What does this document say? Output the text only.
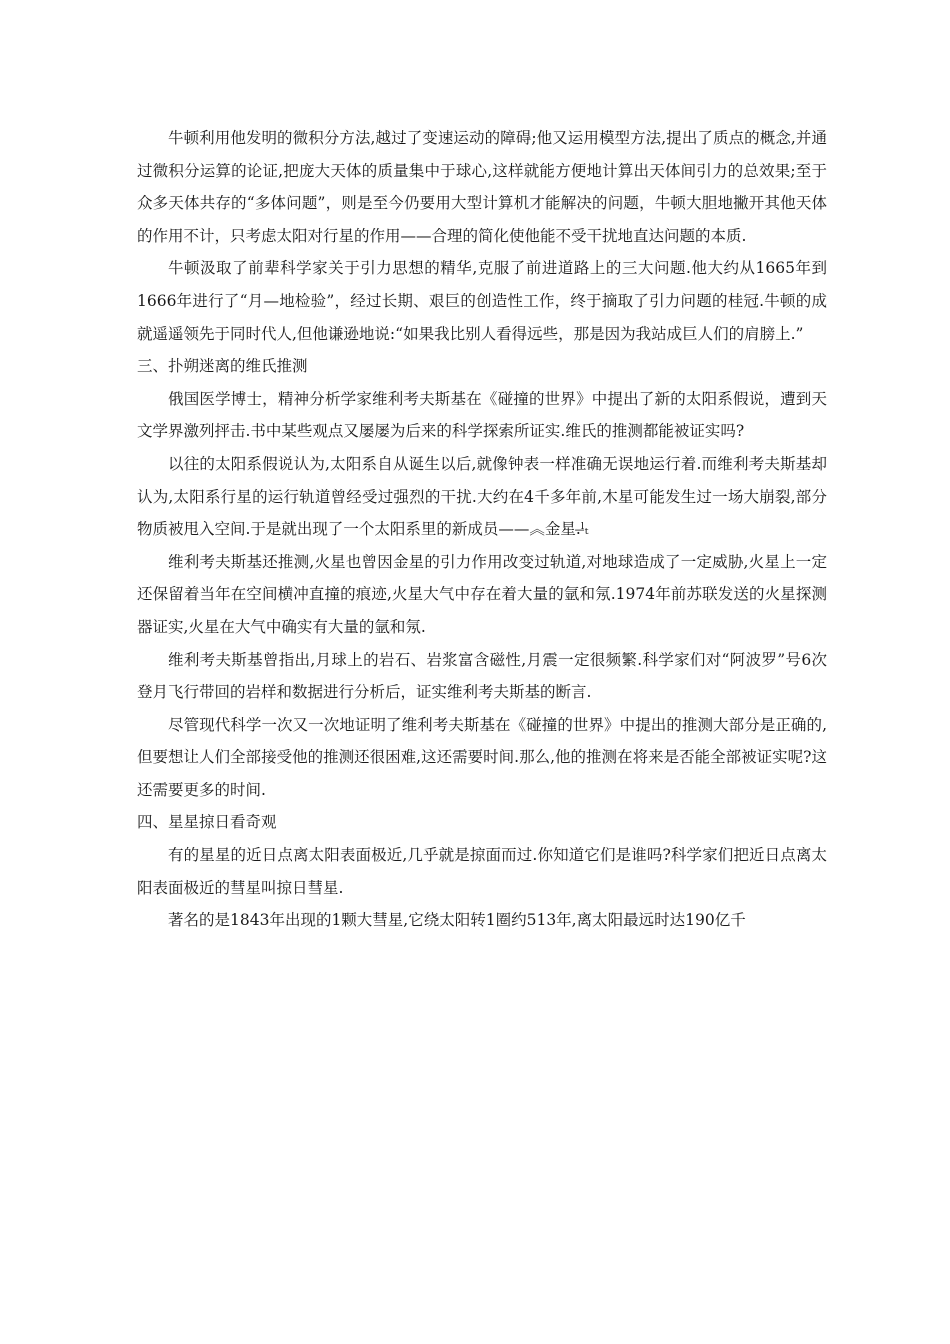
牛顿利用他发明的微积分方法,越过了变速运动的障碍;他又运用模型方法,提出了质点的概念,并通过微积分运算的论证,把庞大天体的质量集中于球心,这样就能方便地计算出天体间引力的总效果;至于众多天体共存的“多体问题”，则是至今仍要用大型计算机才能解决的问题，牛顿大胆地撇开其他天体的作用不计，只考虑太阳对行星的作用——合理的简化使他能不受干扰地直达问题的本质.

牛顿汲取了前辈科学家关于引力思想的精华,克服了前进道路上的三大问题.他大约从1665年到1666年进行了“月—地检验”，经过长期、艰巨的创造性工作，终于摘取了引力问题的桂冠.牛顿的成就遥遥领先于同时代人,但他谦逊地说:“如果我比别人看得远些，那是因为我站成巨人们的肩膀上.”

三、扑朔迷离的维氏推测

俄国医学博士，精神分析学家维利考夫斯基在《碰撞的世界》中提出了新的太阳系假说，遭到天文学界激列抨击.书中某些观点又屡屡为后来的科学探索所证实.维氏的推测都能被证实吗?

以往的太阳系假说认为,太阳系自从诞生以后,就像钟表一样准确无误地运行着.而维利考夫斯基却认为,太阳系行星的运行轨道曾经受过强烈的干扰.大约在4千多年前,木星可能发生过一场大崩裂,部分物质被甩入空间.于是就出现了一个太阳系里的新成员——︽金星.ˡ̶ₜ

维利考夫斯基还推测,火星也曾因金星的引力作用改变过轨道,对地球造成了一定威胁,火星上一定还保留着当年在空间横冲直撞的痕迹,火星大气中存在着大量的氩和氖.1974年前苏联发送的火星探测器证实,火星在大气中确实有大量的氩和氖.

维利考夫斯基曾指出,月球上的岩石、岩浆富含磁性,月震一定很频繁.科学家们对“阿波罗”号6次登月飞行带回的岩样和数据进行分析后，证实维利考夫斯基的断言.

尽管现代科学一次又一次地证明了维利考夫斯基在《碰撞的世界》中提出的推测大部分是正确的,但要想让人们全部接受他的推测还很困难,这还需要时间.那么,他的推测在将来是否能全部被证实呢?这还需要更多的时间.

四、星星掠日看奇观

有的星星的近日点离太阳表面极近,几乎就是掠面而过.你知道它们是谁吗?科学家们把近日点离太阳表面极近的彗星叫掠日彗星.

著名的是1843年出现的1颗大彗星,它绕太阳转1圈约513年,离太阳最远时达190亿千
